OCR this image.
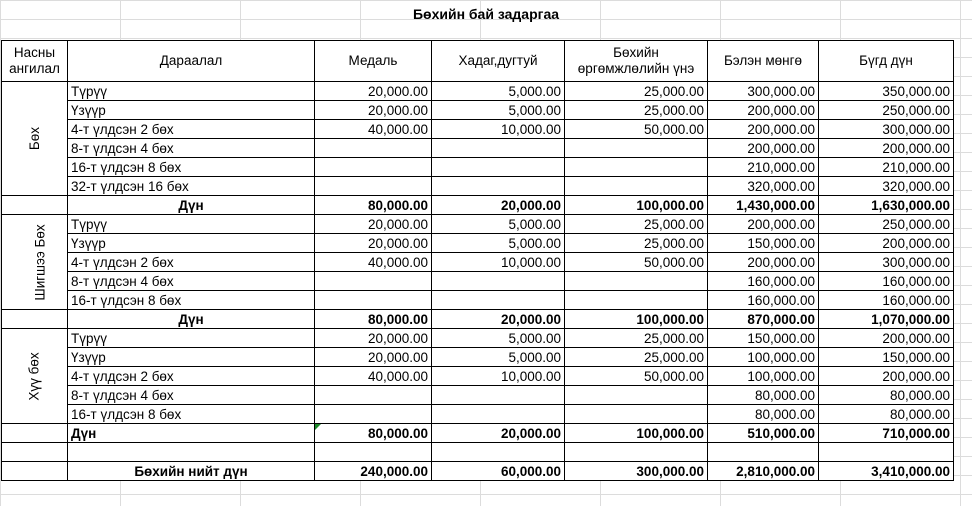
Бөхийн бай задаргаа
Насны ангилал	Дараалал	Медаль	Хадаг,дугтуй	Бөхийн өргөмжлөлийн үнэ	Бэлэн мөнгө	Бүгд дүн
Бөх	Түрүү	20,000.00	5,000.00	25,000.00	300,000.00	350,000.00
	Үзүүр	20,000.00	5,000.00	25,000.00	200,000.00	250,000.00
	4-т үлдсэн 2 бөх	40,000.00	10,000.00	50,000.00	200,000.00	300,000.00
	8-т үлдсэн 4 бөх				200,000.00	200,000.00
	16-т үлдсэн 8 бөх				210,000.00	210,000.00
	32-т үлдсэн 16 бөх				320,000.00	320,000.00
	Дүн	80,000.00	20,000.00	100,000.00	1,430,000.00	1,630,000.00
Шигшээ Бөх	Түрүү	20,000.00	5,000.00	25,000.00	200,000.00	250,000.00
	Үзүүр	20,000.00	5,000.00	25,000.00	150,000.00	200,000.00
	4-т үлдсэн 2 бөх	40,000.00	10,000.00	50,000.00	200,000.00	300,000.00
	8-т үлдсэн 4 бөх				160,000.00	160,000.00
	16-т үлдсэн 8 бөх				160,000.00	160,000.00
	Дүн	80,000.00	20,000.00	100,000.00	870,000.00	1,070,000.00
Хүү бөх	Түрүү	20,000.00	5,000.00	25,000.00	150,000.00	200,000.00
	Үзүүр	20,000.00	5,000.00	25,000.00	100,000.00	150,000.00
	4-т үлдсэн 2 бөх	40,000.00	10,000.00	50,000.00	100,000.00	200,000.00
	8-т үлдсэн 4 бөх				80,000.00	80,000.00
	16-т үлдсэн 8 бөх				80,000.00	80,000.00
	Дүн	80,000.00	20,000.00	100,000.00	510,000.00	710,000.00

	Бөхийн нийт дүн	240,000.00	60,000.00	300,000.00	2,810,000.00	3,410,000.00
